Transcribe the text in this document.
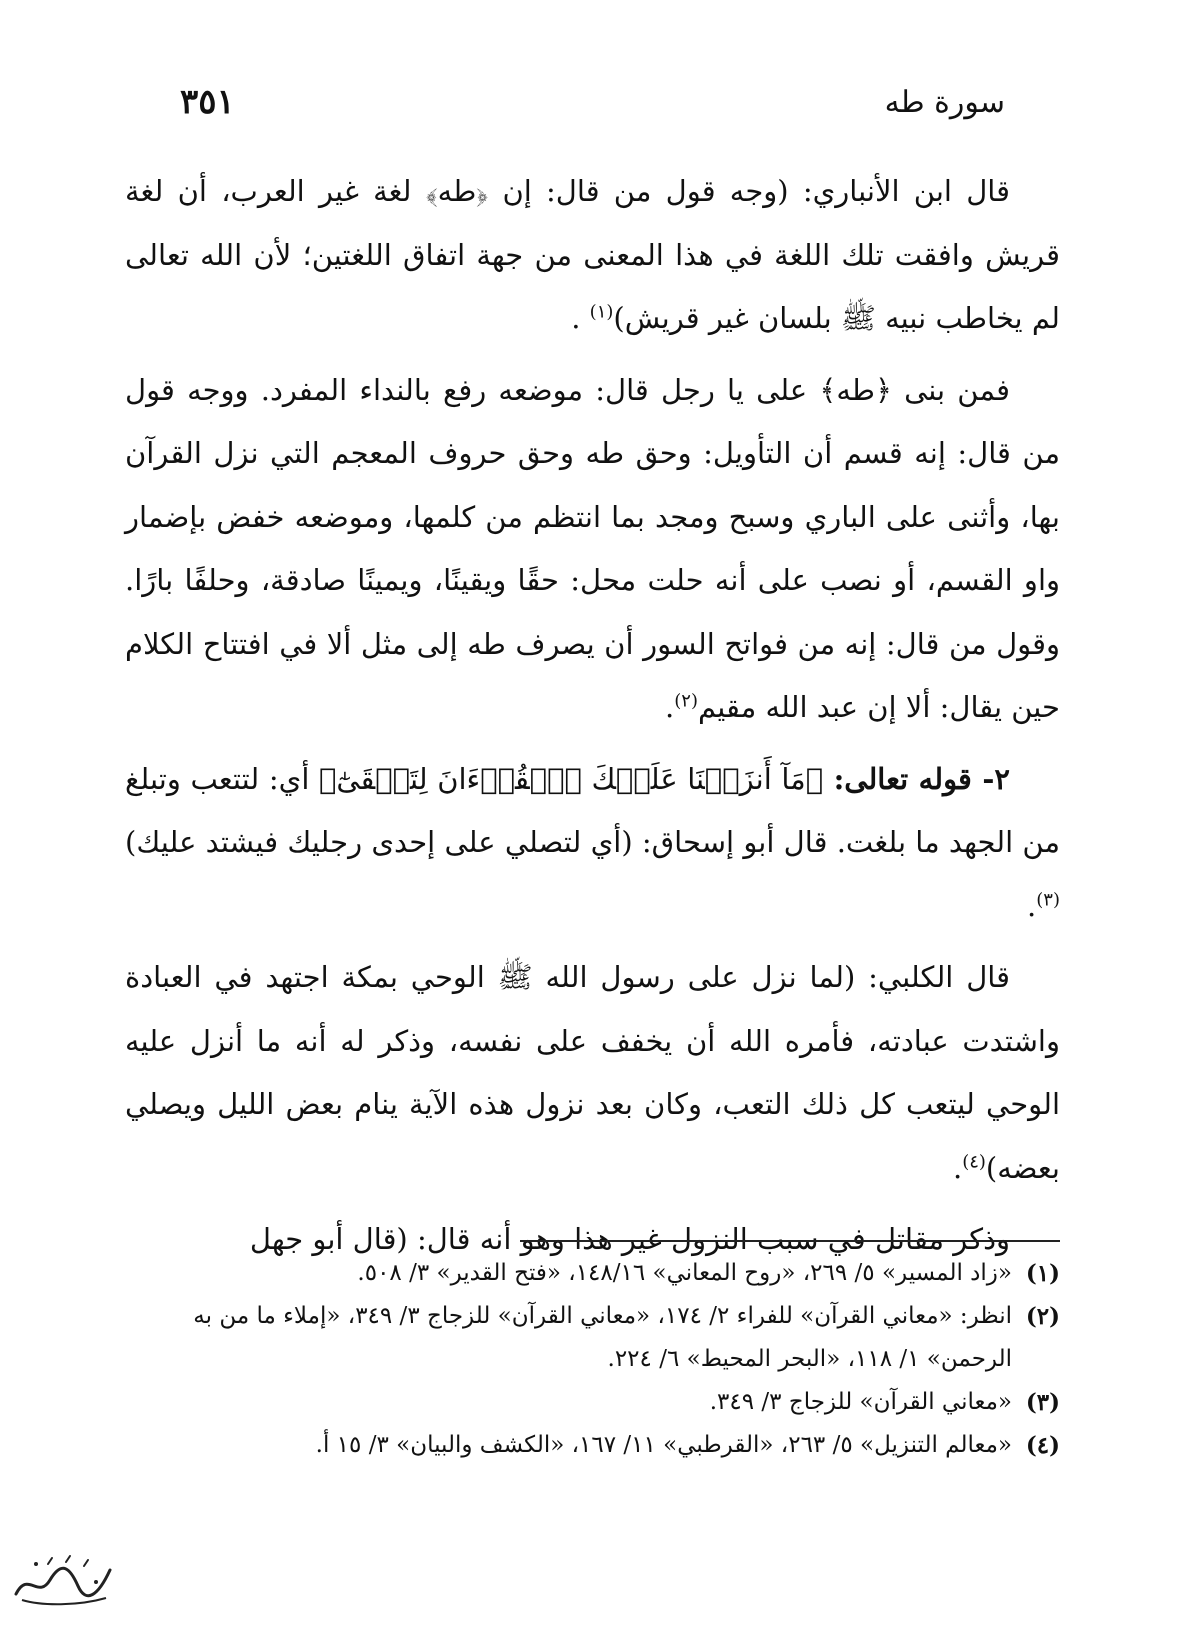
سورة طه
٣٥١

قال ابن الأنباري: (وجه قول من قال: إن ﴿طه﴾ لغة غير العرب، أن لغة قريش وافقت تلك اللغة في هذا المعنى من جهة اتفاق اللغتين؛ لأن الله تعالى لم يخاطب نبيه ﷺ بلسان غير قريش)$^{(١)}$ .

فمن بنى ﴿طه﴾ على يا رجل قال: موضعه رفع بالنداء المفرد. ووجه قول من قال: إنه قسم أن التأويل: وحق طه وحق حروف المعجم التي نزل القرآن بها، وأثنى على الباري وسبح ومجد بما انتظم من كلمها، وموضعه خفض بإضمار واو القسم، أو نصب على أنه حلت محل: حقًا ويقينًا، ويمينًا صادقة، وحلفًا بارًا. وقول من قال: إنه من فواتح السور أن يصرف طه إلى مثل ألا في افتتاح الكلام حين يقال: ألا إن عبد الله مقيم$^{(٢)}$.

٢- قوله تعالى: ﴿مَآ أَنزَلۡنَا عَلَيۡكَ ٱلۡقُرۡءَانَ لِتَشۡقَىٰٓ﴾ أي: لتتعب وتبلغ من الجهد ما بلغت. قال أبو إسحاق: (أي لتصلي على إحدى رجليك فيشتد عليك)$^{(٣)}$.

قال الكلبي: (لما نزل على رسول الله ﷺ الوحي بمكة اجتهد في العبادة واشتدت عبادته، فأمره الله أن يخفف على نفسه، وذكر له أنه ما أنزل عليه الوحي ليتعب كل ذلك التعب، وكان بعد نزول هذه الآية ينام بعض الليل ويصلي بعضه)$^{(٤)}$.

وذكر مقاتل في سبب النزول غير هذا وهو أنه قال: (قال أبو جهل

(١)
«زاد المسير» ٥/ ٢٦٩، «روح المعاني» ١٤٨/١٦، «فتح القدير» ٣/ ٥٠٨.
(٢)
انظر: «معاني القرآن» للفراء ٢/ ١٧٤، «معاني القرآن» للزجاج ٣/ ٣٤٩، «إملاء ما من به الرحمن» ١/ ١١٨، «البحر المحيط» ٦/ ٢٢٤.
(٣)
«معاني القرآن» للزجاج ٣/ ٣٤٩.
(٤)
«معالم التنزيل» ٥/ ٢٦٣، «القرطبي» ١١/ ١٦٧، «الكشف والبيان» ٣/ ١٥ أ.
